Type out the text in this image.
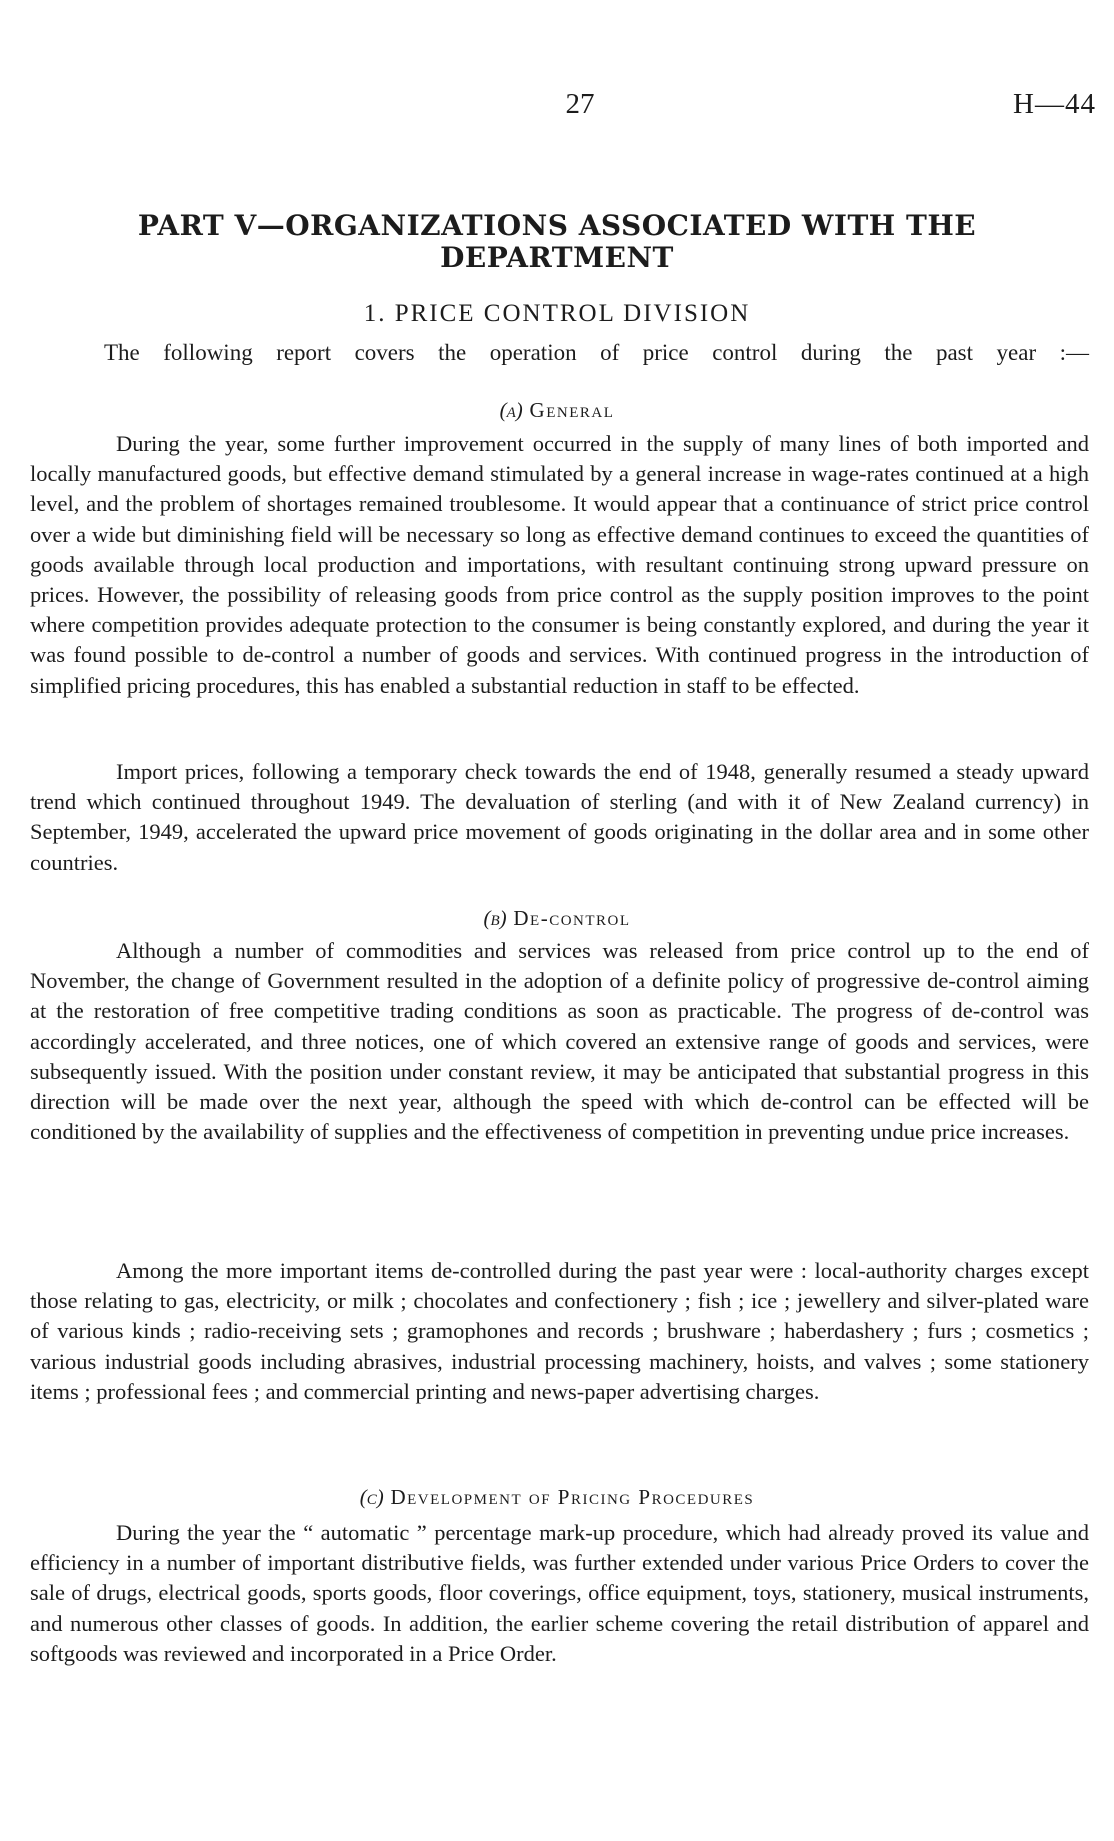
27	H—44
PART V—ORGANIZATIONS ASSOCIATED WITH THE DEPARTMENT
1. PRICE CONTROL DIVISION
The following report covers the operation of price control during the past year :—
(a) General

During the year, some further improvement occurred in the supply of many lines of both imported and locally manufactured goods, but effective demand stimulated by a general increase in wage-rates continued at a high level, and the problem of shortages remained troublesome. It would appear that a continuance of strict price control over a wide but diminishing field will be necessary so long as effective demand continues to exceed the quantities of goods available through local production and importations, with resultant continuing strong upward pressure on prices. However, the possibility of releasing goods from price control as the supply position improves to the point where competition provides adequate protection to the consumer is being constantly explored, and during the year it was found possible to de-control a number of goods and services. With continued progress in the introduction of simplified pricing procedures, this has enabled a substantial reduction in staff to be effected.

Import prices, following a temporary check towards the end of 1948, generally resumed a steady upward trend which continued throughout 1949. The devaluation of sterling (and with it of New Zealand currency) in September, 1949, accelerated the upward price movement of goods originating in the dollar area and in some other countries.

(b) De-control

Although a number of commodities and services was released from price control up to the end of November, the change of Government resulted in the adoption of a definite policy of progressive de-control aiming at the restoration of free competitive trading conditions as soon as practicable. The progress of de-control was accordingly accelerated, and three notices, one of which covered an extensive range of goods and services, were subsequently issued. With the position under constant review, it may be anticipated that substantial progress in this direction will be made over the next year, although the speed with which de-control can be effected will be conditioned by the availability of supplies and the effectiveness of competition in preventing undue price increases.

Among the more important items de-controlled during the past year were : local-authority charges except those relating to gas, electricity, or milk ; chocolates and confectionery ; fish ; ice ; jewellery and silver-plated ware of various kinds ; radio-receiving sets ; gramophones and records ; brushware ; haberdashery ; furs ; cosmetics ; various industrial goods including abrasives, industrial processing machinery, hoists, and valves ; some stationery items ; professional fees ; and commercial printing and news-paper advertising charges.

(c) Development of Pricing Procedures

During the year the “ automatic ” percentage mark-up procedure, which had already proved its value and efficiency in a number of important distributive fields, was further extended under various Price Orders to cover the sale of drugs, electrical goods, sports goods, floor coverings, office equipment, toys, stationery, musical instruments, and numerous other classes of goods. In addition, the earlier scheme covering the retail distribution of apparel and softgoods was reviewed and incorporated in a Price Order.
